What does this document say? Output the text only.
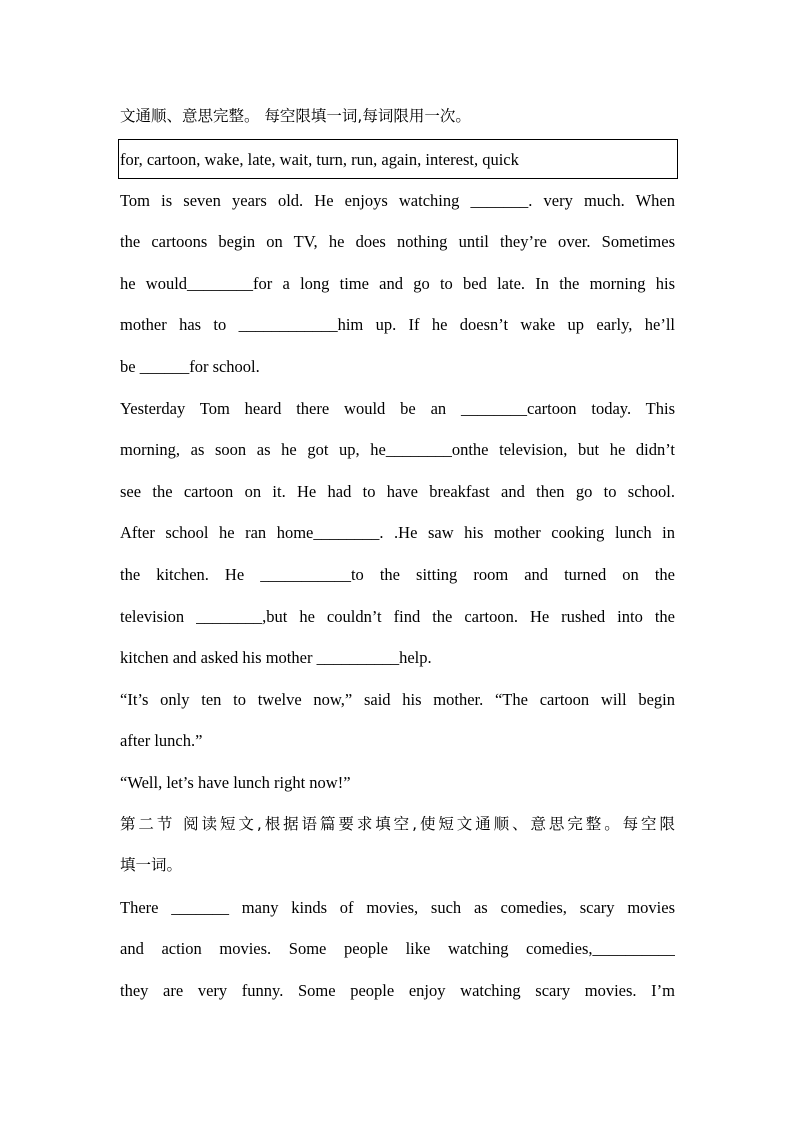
文通顺、意思完整。 每空限填一词,每词限用一次。
for, cartoon, wake, late, wait, turn, run, again, interest, quick
Tom is seven years old. He enjoys watching _______. very much. When
the cartoons begin on TV, he does nothing until they’re over. Sometimes
he would________for a long time and go to bed late. In the morning his
mother has to ____________him up. If he doesn’t wake up early, he’ll
be ______for school.
Yesterday Tom heard there would be an ________cartoon today. This
morning, as soon as he got up, he________onthe television, but he didn’t
see the cartoon on it. He had to have breakfast and then go to school.
After school he ran home________. .He saw his mother cooking lunch in
the kitchen. He ___________to the sitting room and turned on the
television ________,but he couldn’t find the cartoon. He rushed into the
kitchen and asked his mother __________help.
“It’s only ten to twelve now,” said his mother. “The cartoon will begin
after lunch.”
“Well, let’s have lunch right now!”
第二节 阅读短文,根据语篇要求填空,使短文通顺、意思完整。每空限
填一词。
There _______ many kinds of movies, such as comedies, scary movies
and action movies. Some people like watching comedies,__________
they are very funny. Some people enjoy watching scary movies. I’m
